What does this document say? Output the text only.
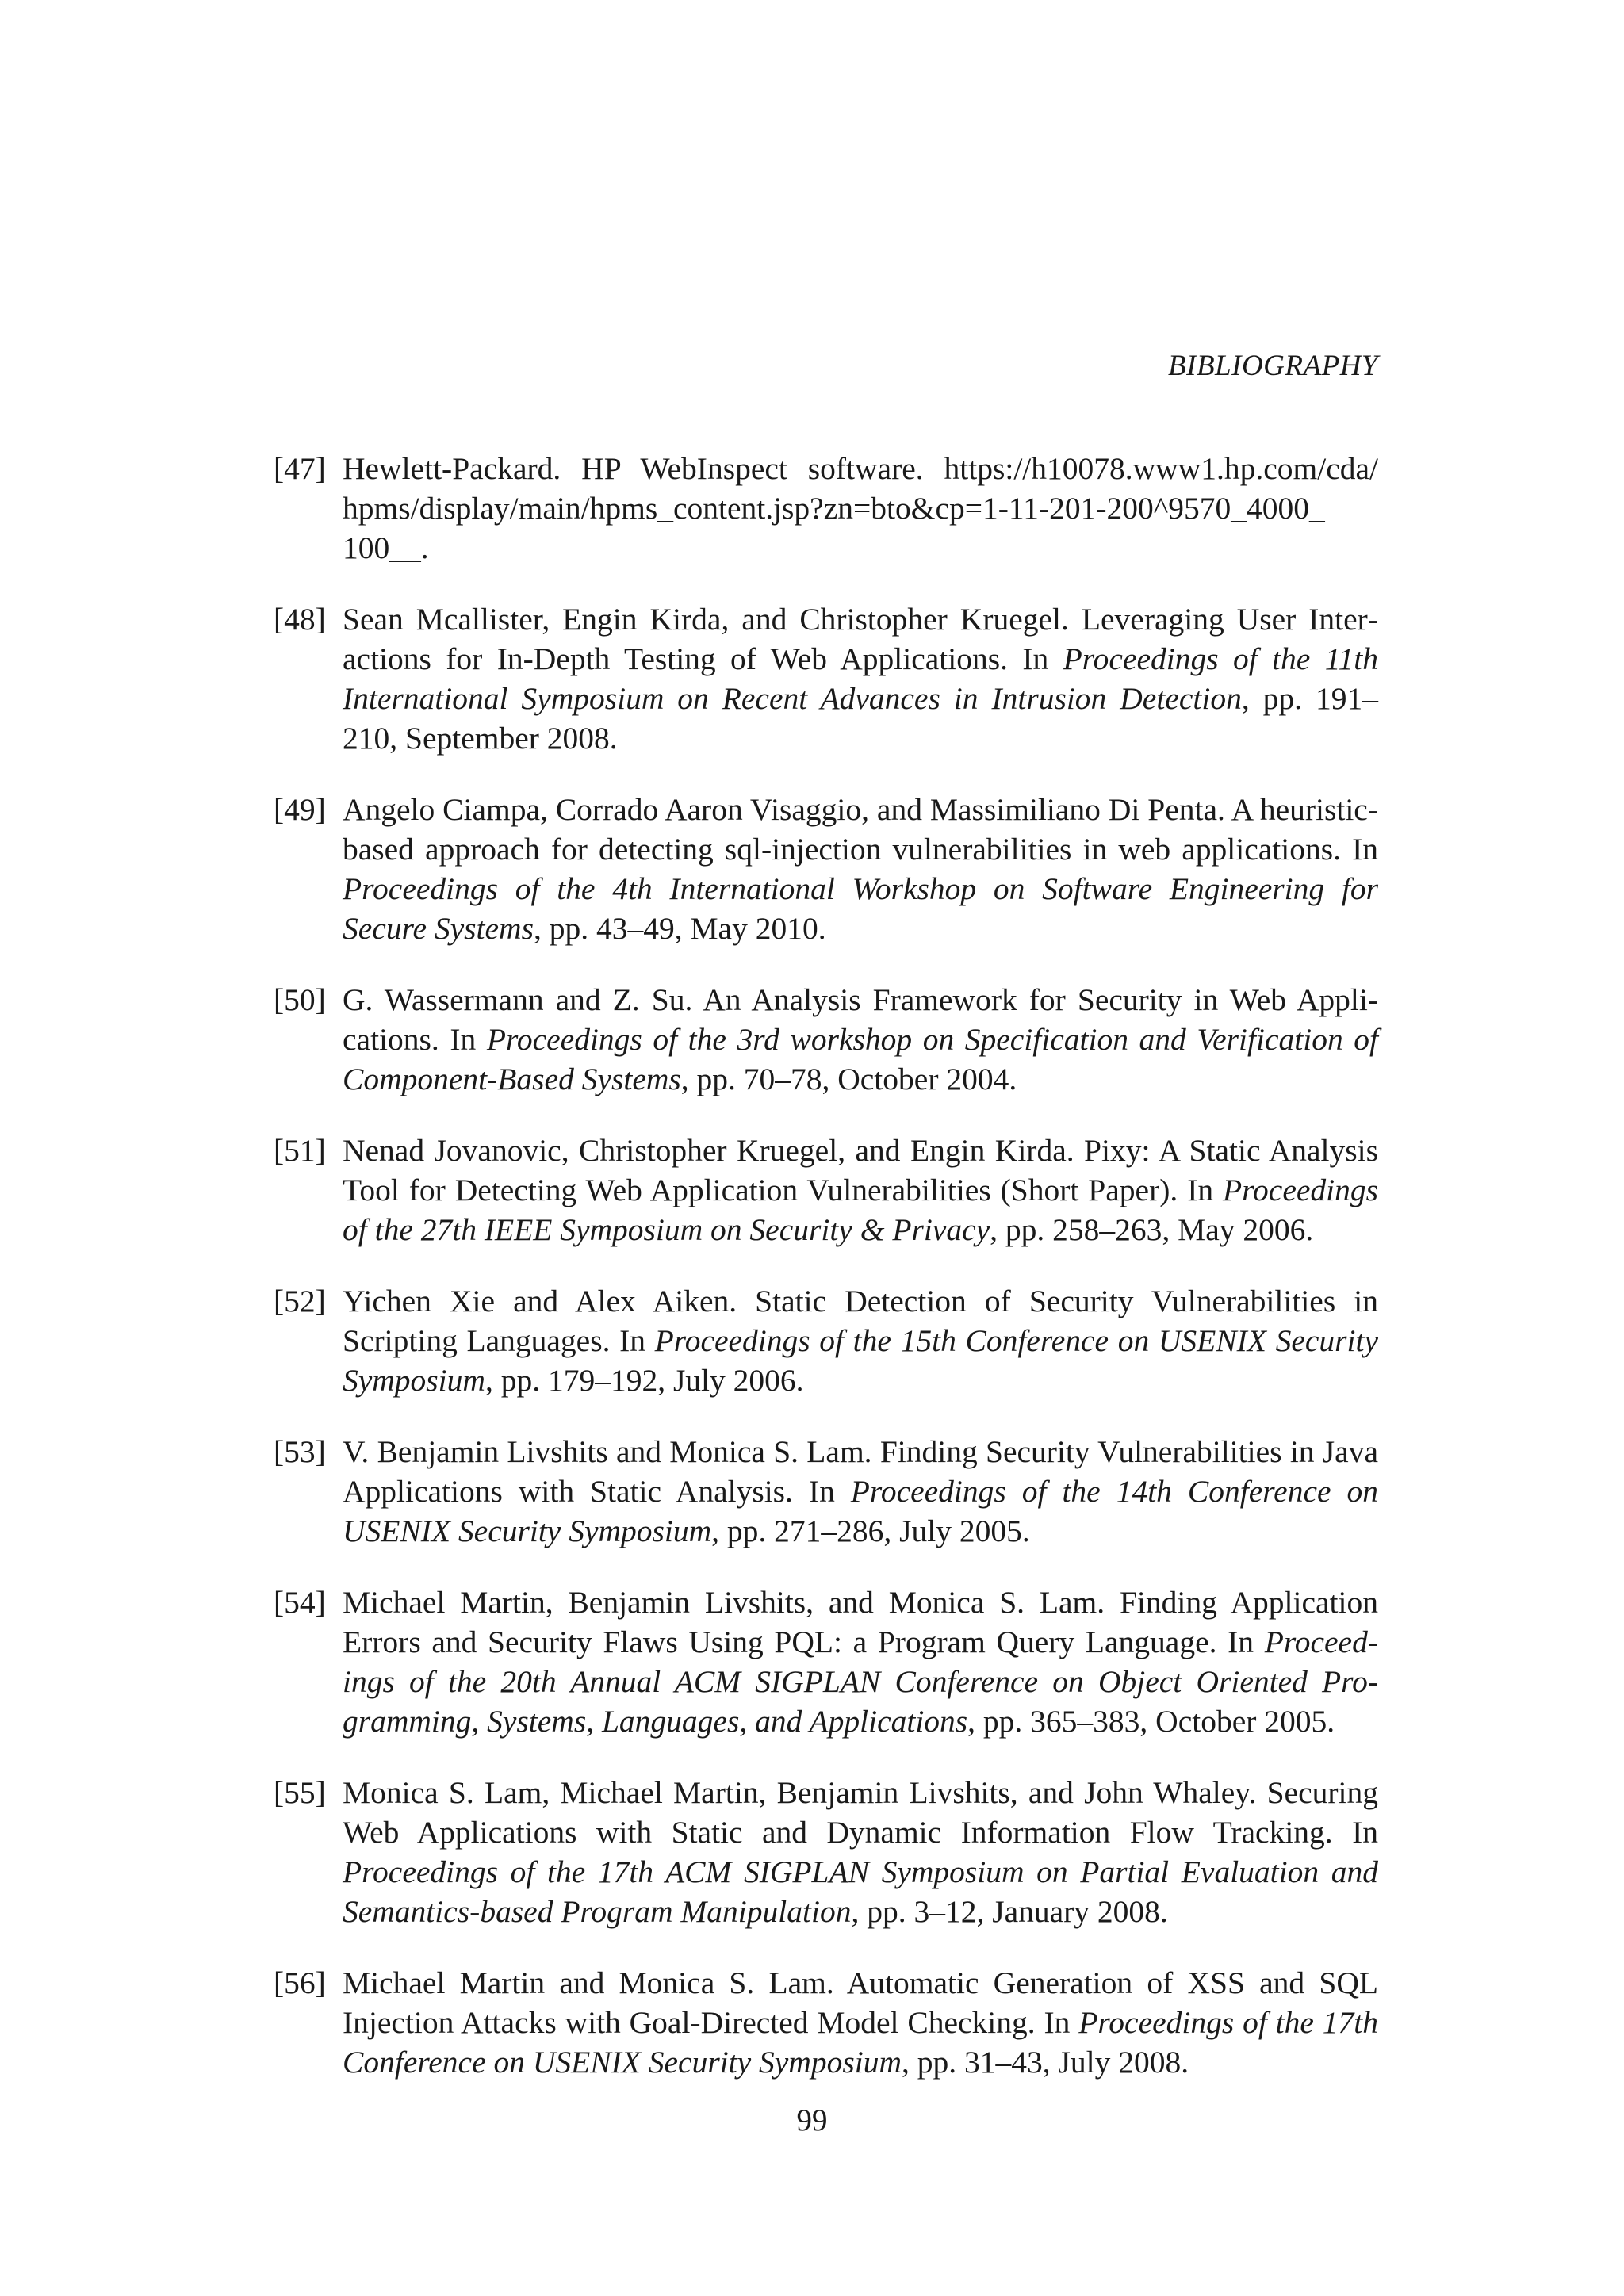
BIBLIOGRAPHY
[47] Hewlett-Packard. HP WebInspect software. https://h10078.www1.hp.com/cda/​hpms/display/main/hpms_content.jsp?zn=bto&cp=1-11-201-200^9570_4000_​100__.
[48] Sean Mcallister, Engin Kirda, and Christopher Kruegel. Leveraging User Interactions for In-Depth Testing of Web Applications. In Proceedings of the 11th International Symposium on Recent Advances in Intrusion Detection, pp. 191–210, September 2008.
[49] Angelo Ciampa, Corrado Aaron Visaggio, and Massimiliano Di Penta. A heuristic-based approach for detecting sql-injection vulnerabilities in web applications. In Proceedings of the 4th International Workshop on Software Engineering for Secure Systems, pp. 43–49, May 2010.
[50] G. Wassermann and Z. Su. An Analysis Framework for Security in Web Applications. In Proceedings of the 3rd workshop on Specification and Verification of Component-Based Systems, pp. 70–78, October 2004.
[51] Nenad Jovanovic, Christopher Kruegel, and Engin Kirda. Pixy: A Static Analysis Tool for Detecting Web Application Vulnerabilities (Short Paper). In Proceedings of the 27th IEEE Symposium on Security & Privacy, pp. 258–263, May 2006.
[52] Yichen Xie and Alex Aiken. Static Detection of Security Vulnerabilities in Scripting Languages. In Proceedings of the 15th Conference on USENIX Security Symposium, pp. 179–192, July 2006.
[53] V. Benjamin Livshits and Monica S. Lam. Finding Security Vulnerabilities in Java Applications with Static Analysis. In Proceedings of the 14th Conference on USENIX Security Symposium, pp. 271–286, July 2005.
[54] Michael Martin, Benjamin Livshits, and Monica S. Lam. Finding Application Errors and Security Flaws Using PQL: a Program Query Language. In Proceedings of the 20th Annual ACM SIGPLAN Conference on Object Oriented Programming, Systems, Languages, and Applications, pp. 365–383, October 2005.
[55] Monica S. Lam, Michael Martin, Benjamin Livshits, and John Whaley. Securing Web Applications with Static and Dynamic Information Flow Tracking. In Proceedings of the 17th ACM SIGPLAN Symposium on Partial Evaluation and Semantics-based Program Manipulation, pp. 3–12, January 2008.
[56] Michael Martin and Monica S. Lam. Automatic Generation of XSS and SQL Injection Attacks with Goal-Directed Model Checking. In Proceedings of the 17th Conference on USENIX Security Symposium, pp. 31–43, July 2008.
99
